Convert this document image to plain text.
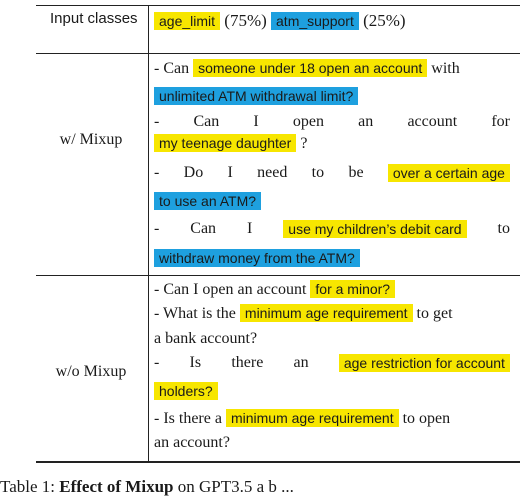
Input classes	age_limit (75%) atm_support (25%)
w/ Mixup
- Can someone under 18 open an account with
unlimited ATM withdrawal limit?
- Can I open an account for
my teenage daughter ?
- Do I need to be	over a certain age
to use an ATM?
- Can I	use my children’s debit card	to
withdraw money from the ATM?
w/o Mixup
- Can I open an account for a minor?
- What is the minimum age requirement to get
a bank account?
- Is there an	age restriction for account
holders?
- Is there a minimum age requirement to open
an account?
Table 1: Effect of Mixup on GPT3.5 a b ...
